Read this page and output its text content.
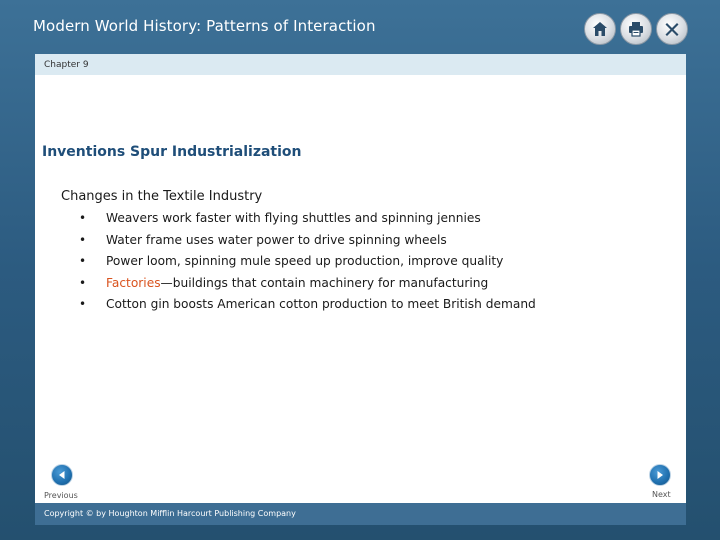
Modern World History: Patterns of Interaction
Chapter 9
Inventions Spur Industrialization
Changes in the Textile Industry
• Weavers work faster with flying shuttles and spinning jennies
• Water frame uses water power to drive spinning wheels
• Power loom, spinning mule speed up production, improve quality
• Factories—buildings that contain machinery for manufacturing
• Cotton gin boosts American cotton production to meet British demand
Previous	Next
Copyright © by Houghton Mifflin Harcourt Publishing Company
